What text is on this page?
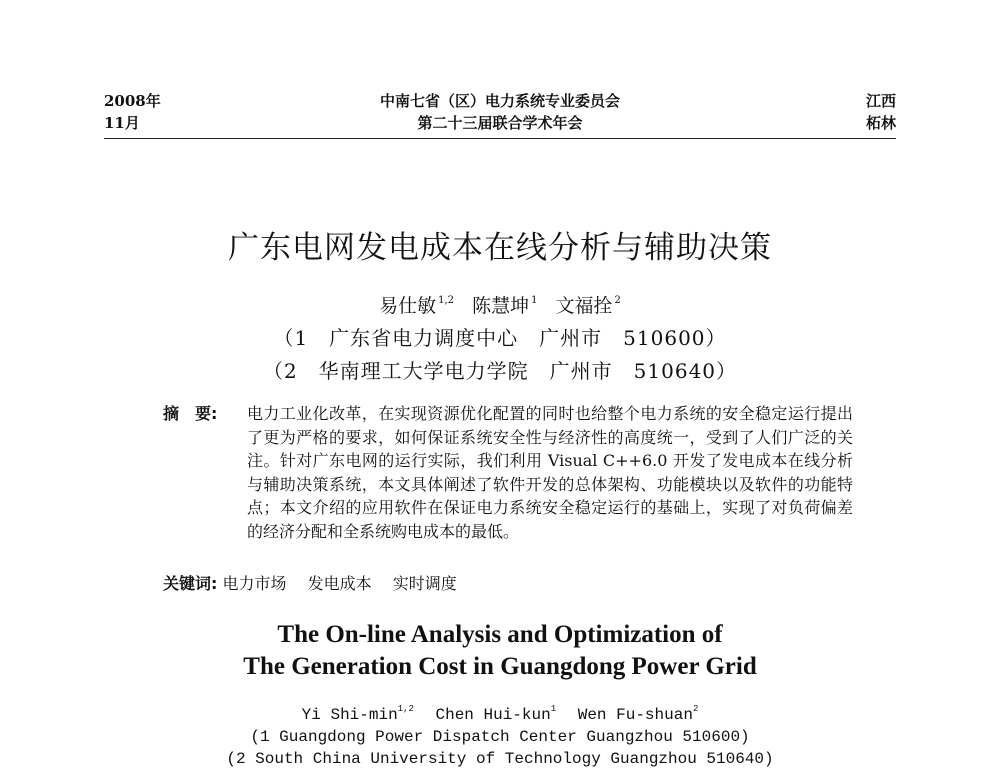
2008年
11月
中南七省（区）电力系统专业委员会
第二十三届联合学术年会
江西
柘林
广东电网发电成本在线分析与辅助决策
易仕敏 $^{1,2}$ 陈慧坤 $^1$ 文福拴 $^2$
（1　广东省电力调度中心　广州市　510600）
（2　华南理工大学电力学院　广州市　510640）
摘　要: 电力工业化改革，在实现资源优化配置的同时也给整个电力系统的安全稳定运行提出了更为严格的要求，如何保证系统安全性与经济性的高度统一，受到了人们广泛的关注。针对广东电网的运行实际，我们利用 Visual C++6.0 开发了发电成本在线分析与辅助决策系统，本文具体阐述了软件开发的总体架构、功能模块以及软件的功能特点；本文介绍的应用软件在保证电力系统安全稳定运行的基础上，实现了对负荷偏差的经济分配和全系统购电成本的最低。
关键词: 电力市场 发电成本 实时调度
The On-line Analysis and Optimization of
The Generation Cost in Guangdong Power Grid
Yi Shi-$\min^{1,2}$ Chen Hui-kun$^1$ Wen Fu-shuan$^2$
(1 Guangdong Power Dispatch Center Guangzhou 510600)
(2 South China University of Technology Guangzhou 510640)
